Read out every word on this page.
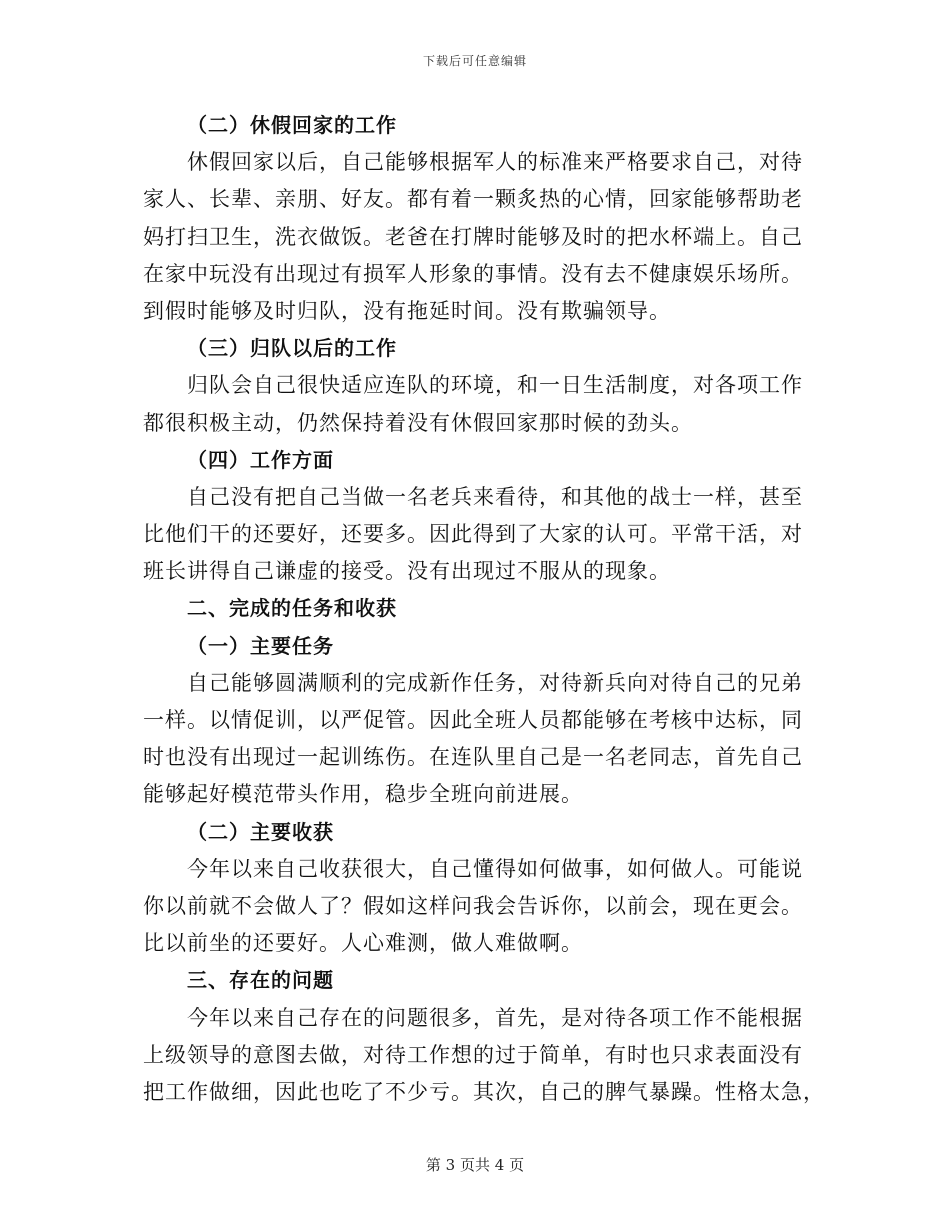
下载后可任意编辑
（二）休假回家的工作
休假回家以后，自己能够根据军人的标准来严格要求自己，对待
家人、长辈、亲朋、好友。都有着一颗炙热的心情，回家能够帮助老
妈打扫卫生，洗衣做饭。老爸在打牌时能够及时的把水杯端上。自己
在家中玩没有出现过有损军人形象的事情。没有去不健康娱乐场所。
到假时能够及时归队，没有拖延时间。没有欺骗领导。
（三）归队以后的工作
归队会自己很快适应连队的环境，和一日生活制度，对各项工作
都很积极主动，仍然保持着没有休假回家那时候的劲头。
（四）工作方面
自己没有把自己当做一名老兵来看待，和其他的战士一样，甚至
比他们干的还要好，还要多。因此得到了大家的认可。平常干活，对
班长讲得自己谦虚的接受。没有出现过不服从的现象。
二、完成的任务和收获
（一）主要任务
自己能够圆满顺利的完成新作任务，对待新兵向对待自己的兄弟
一样。以情促训，以严促管。因此全班人员都能够在考核中达标，同
时也没有出现过一起训练伤。在连队里自己是一名老同志，首先自己
能够起好模范带头作用，稳步全班向前进展。
（二）主要收获
今年以来自己收获很大，自己懂得如何做事，如何做人。可能说
你以前就不会做人了？假如这样问我会告诉你，以前会，现在更会。
比以前坐的还要好。人心难测，做人难做啊。
三、存在的问题
今年以来自己存在的问题很多，首先，是对待各项工作不能根据
上级领导的意图去做，对待工作想的过于简单，有时也只求表面没有
把工作做细，因此也吃了不少亏。其次，自己的脾气暴躁。性格太急，
第 3 页共 4 页
